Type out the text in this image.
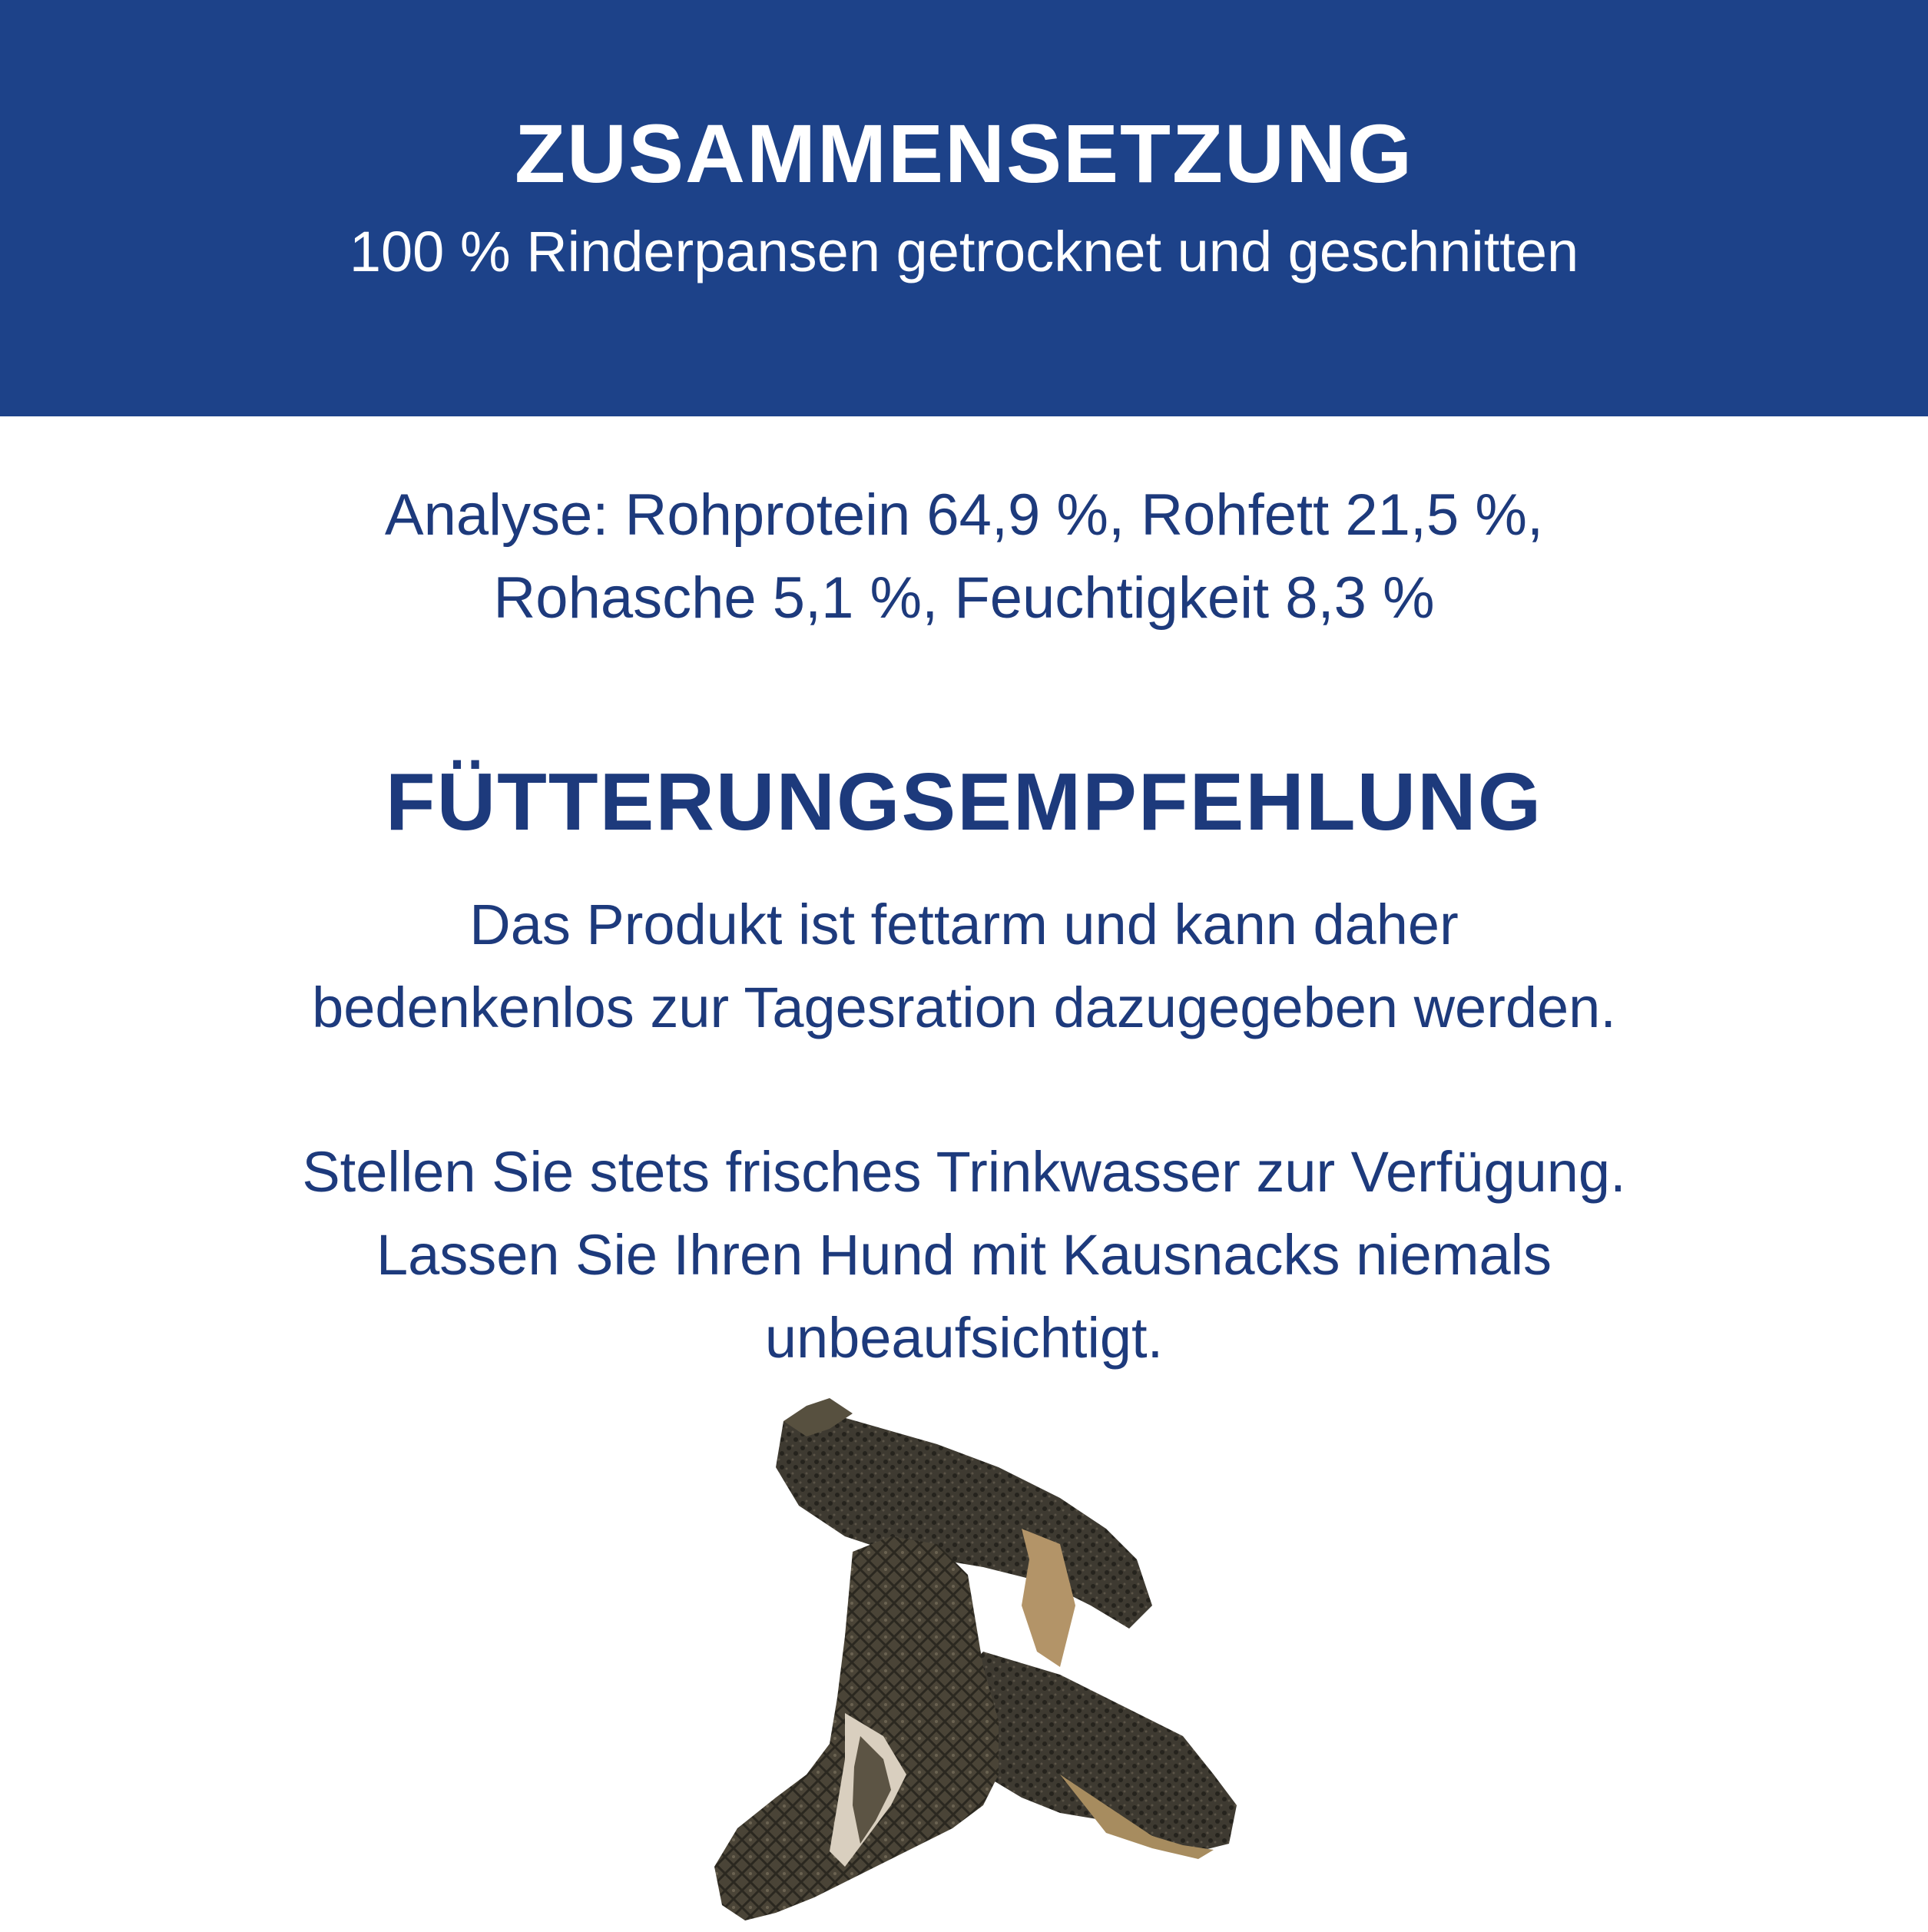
ZUSAMMENSETZUNG
100 % Rinderpansen getrocknet und geschnitten
Analyse: Rohprotein 64,9 %, Rohfett 21,5 %,
Rohasche 5,1 %, Feuchtigkeit 8,3 %
FÜTTERUNGSEMPFEHLUNG
Das Produkt ist fettarm und kann daher
bedenkenlos zur Tagesration dazugegeben werden.
Stellen Sie stets frisches Trinkwasser zur Verfügung.
Lassen Sie Ihren Hund mit Kausnacks niemals
unbeaufsichtigt.
